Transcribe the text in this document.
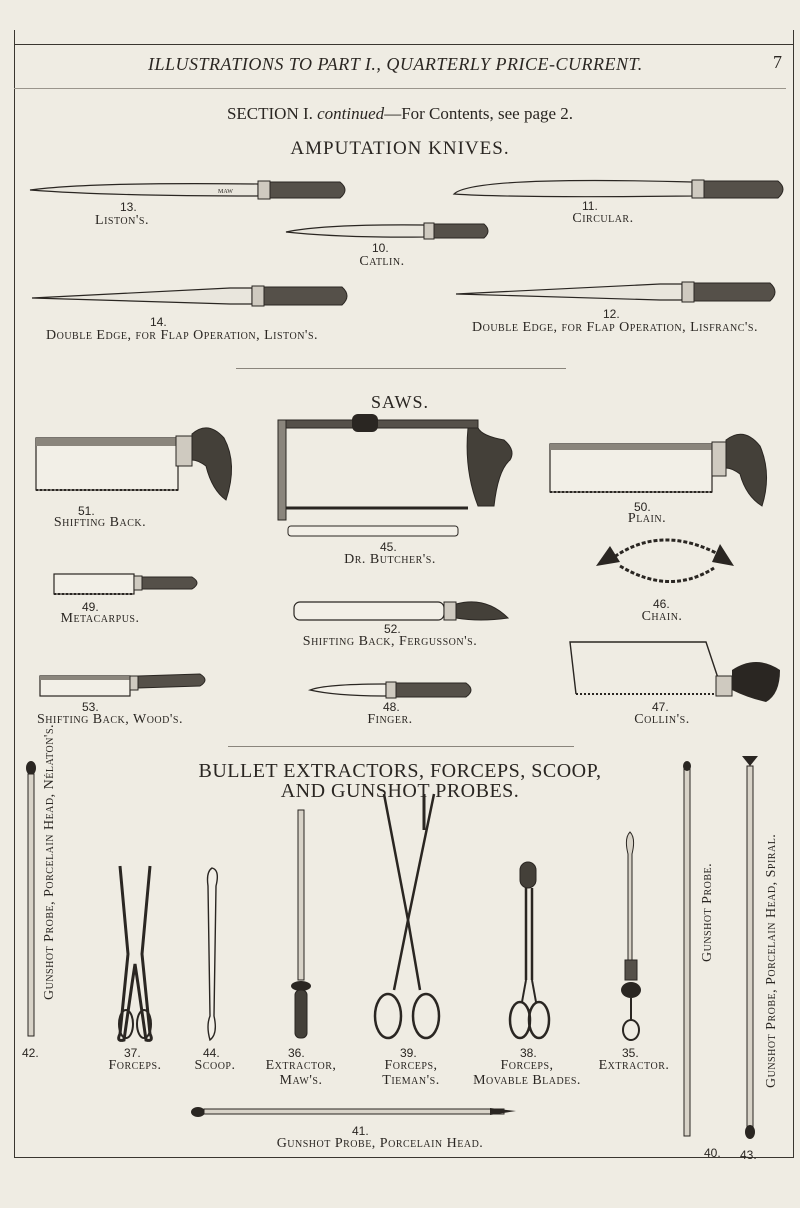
ILLUSTRATIONS TO PART I., QUARTERLY PRICE-CURRENT.	7
SECTION I. continued—For Contents, see page 2.
AMPUTATION KNIVES.
MAW
13.
Liston's.
11.
Circular.
10.
Catlin.
14.
Double Edge, for Flap Operation, Liston's.
12.
Double Edge, for Flap Operation, Lisfranc's.
SAWS.
51.
Shifting Back.
45.
Dr. Butcher's.
50.
Plain.
49.
Metacarpus.
46.
Chain.
52.
Shifting Back, Fergusson's.
53.
Shifting Back, Wood's.
48.
Finger.
47.
Collin's.
BULLET EXTRACTORS, FORCEPS, SCOOP,
AND GUNSHOT PROBES.
42.
Gunshot Probe, Porcelain Head, Nélaton's.
37.
Forceps.
44.
Scoop.
36.
Extractor,
Maw's.
39.
Forceps,
Tieman's.
38.
Forceps,
Movable Blades.
35.
Extractor.
41.
Gunshot Probe, Porcelain Head.
Gunshot Probe.
40.
Gunshot Probe, Porcelain Head, Spiral.
43.
